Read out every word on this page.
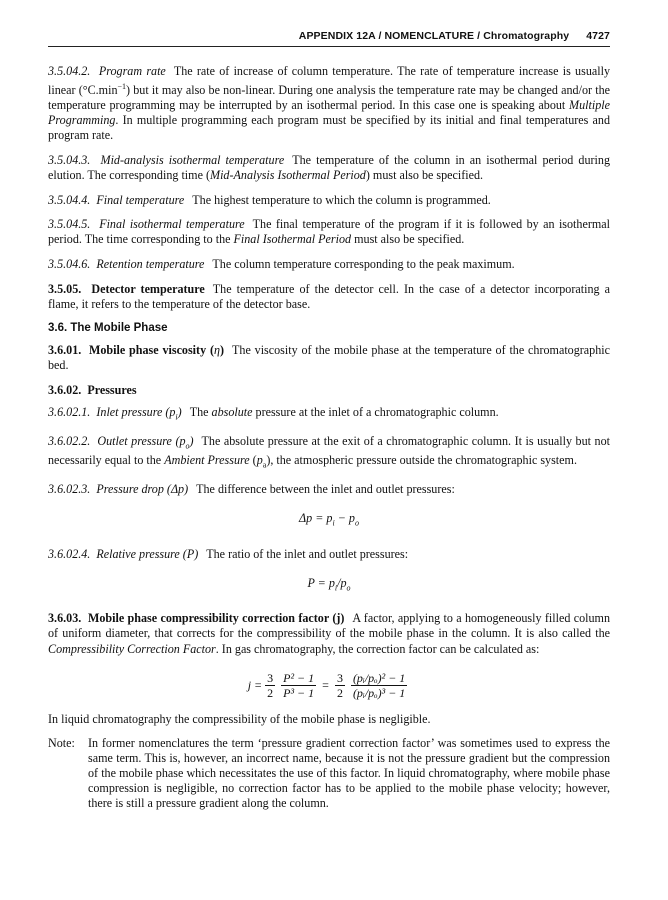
APPENDIX 12A / NOMENCLATURE / Chromatography 4727

3.5.04.2. Program rate The rate of increase of column temperature. The rate of temperature increase is usually linear $(^\circ C.\min^{-1})$ but it may also be non-linear. During one analysis the temperature rate may be changed and/or the temperature programming may be interrupted by an isothermal period. In this case one is speaking about Multiple Programming. In multiple programming each program must be specified by its initial and final temperatures and program rate.

3.5.04.3. Mid-analysis isothermal temperature The temperature of the column in an isothermal period during elution. The corresponding time (Mid-Analysis Isothermal Period) must also be specified.

3.5.04.4. Final temperature The highest temperature to which the column is programmed.

3.5.04.5. Final isothermal temperature The final temperature of the program if it is followed by an isothermal period. The time corresponding to the Final Isothermal Period must also be specified.

3.5.04.6. Retention temperature The column temperature corresponding to the peak maximum.

3.5.05. Detector temperature The temperature of the detector cell. In the case of a detector incorporating a flame, it refers to the temperature of the detector base.

3.6. The Mobile Phase

3.6.01. Mobile phase viscosity (η) The viscosity of the mobile phase at the temperature of the chromatographic bed.

3.6.02. Pressures

3.6.02.1. Inlet pressure $(p_i)$ The absolute pressure at the inlet of a chromatographic column.

3.6.02.2. Outlet pressure $(p_o)$ The absolute pressure at the exit of a chromatographic column. It is usually but not necessarily equal to the Ambient Pressure $(p_a)$, the atmospheric pressure outside the chromatographic system.

3.6.02.3. Pressure drop (Δp) The difference between the inlet and outlet pressures:

$\Delta p = p_i - p_o$

3.6.02.4. Relative pressure (P) The ratio of the inlet and outlet pressures:

$P = p_i/p_o$

3.6.03. Mobile phase compressibility correction factor (j) A factor, applying to a homogeneously filled column of uniform diameter, that corrects for the compressibility of the mobile phase in the column. It is also called the Compressibility Correction Factor. In gas chromatography, the correction factor can be calculated as:

$j = \frac{3}{2} \frac{\text{P² − 1}}{\text{P³ − 1}} = \frac{3}{2} \frac{\text{(pᵢ/pₒ)² − 1}}{\text{(pᵢ/pₒ)³ − 1}}$

In liquid chromatography the compressibility of the mobile phase is negligible.

Note:	In former nomenclatures the term ‘pressure gradient correction factor’ was sometimes used to express the same term. This is, however, an incorrect name, because it is not the pressure gradient but the compression of the mobile phase which necessitates the use of this factor. In liquid chromatography, where mobile phase compression is negligible, no correction factor has to be applied to the mobile phase velocity; however, there is still a pressure gradient along the column.
